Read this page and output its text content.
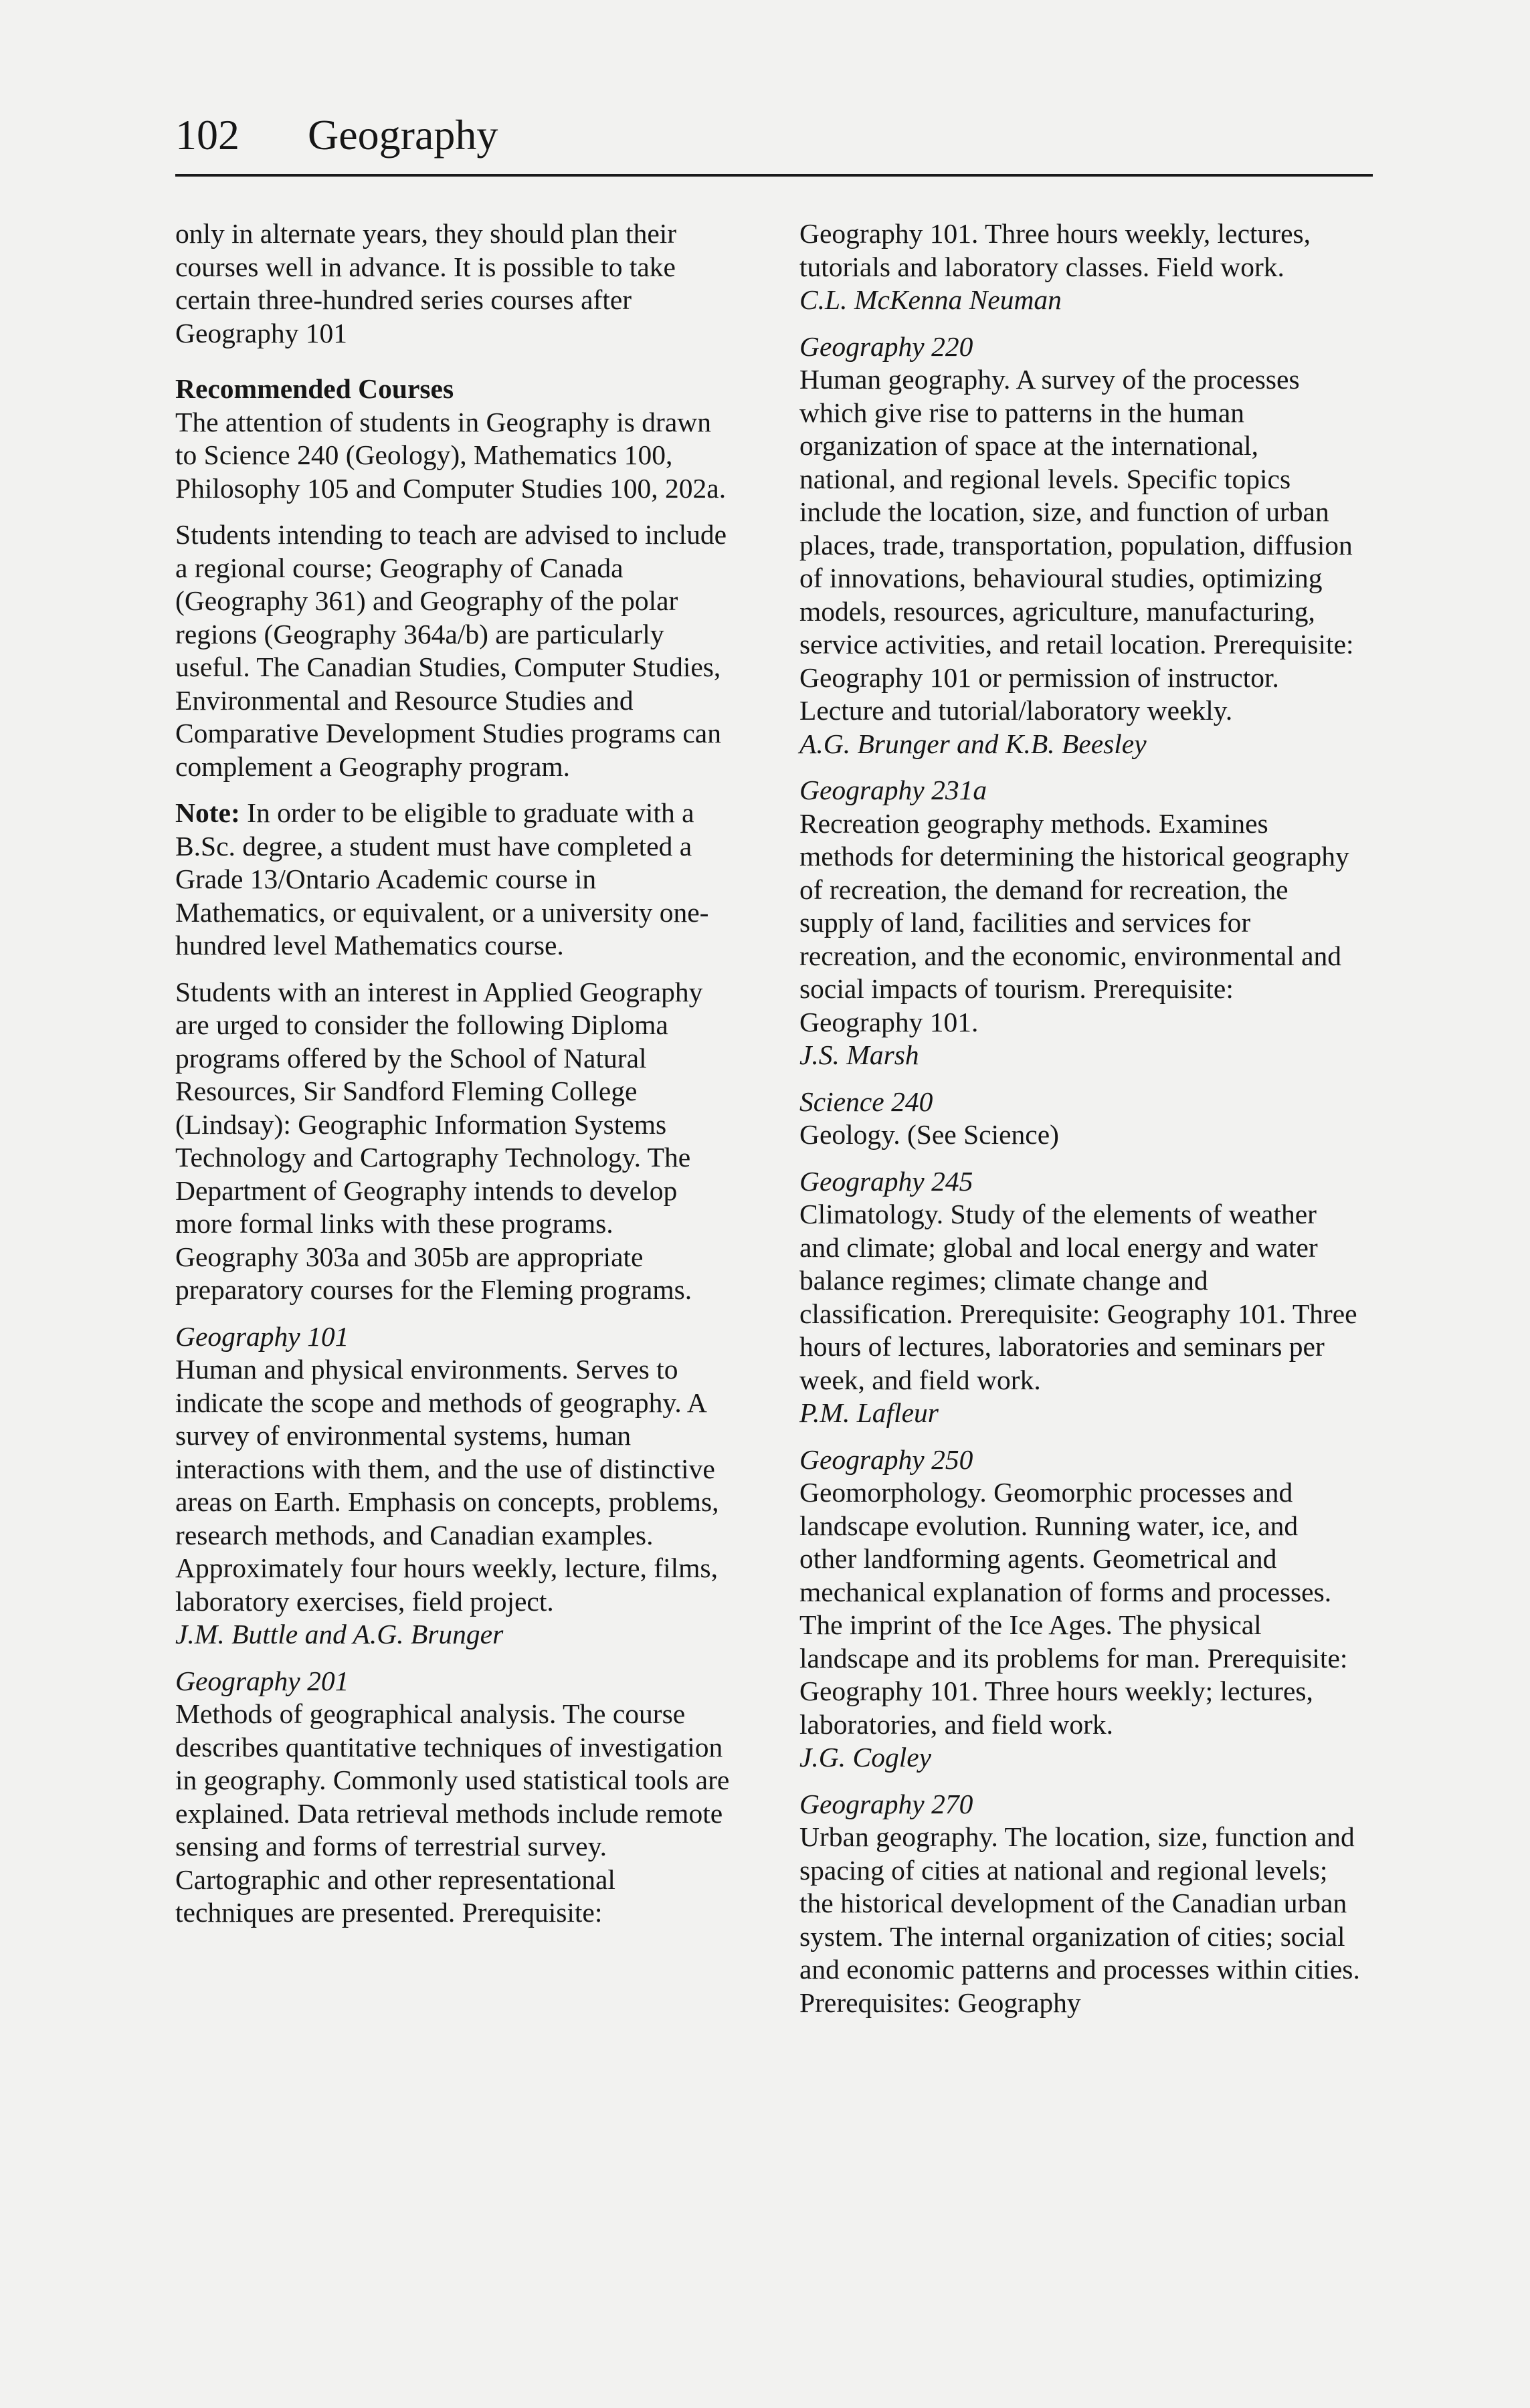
102 Geography

only in alternate years, they should plan their courses well in advance. It is possible to take certain three-hundred series courses after Geography 101

Recommended Courses

The attention of students in Geography is drawn to Science 240 (Geology), Mathematics 100, Philosophy 105 and Computer Studies 100, 202a.

Students intending to teach are advised to include a regional course; Geography of Canada (Geography 361) and Geography of the polar regions (Geography 364a/b) are particularly useful. The Canadian Studies, Computer Studies, Environmental and Resource Studies and Comparative Development Studies programs can complement a Geography program.

Note: In order to be eligible to graduate with a B.Sc. degree, a student must have completed a Grade 13/Ontario Academic course in Mathematics, or equivalent, or a university one-hundred level Mathematics course.

Students with an interest in Applied Geography are urged to consider the following Diploma programs offered by the School of Natural Resources, Sir Sandford Fleming College (Lindsay): Geographic Information Systems Technology and Cartography Technology. The Department of Geography intends to develop more formal links with these programs. Geography 303a and 305b are appropriate preparatory courses for the Fleming programs.

Geography 101

Human and physical environments. Serves to indicate the scope and methods of geography. A survey of environmental systems, human interactions with them, and the use of distinctive areas on Earth. Emphasis on concepts, problems, research methods, and Canadian examples. Approximately four hours weekly, lecture, films, laboratory exercises, field project.

J.M. Buttle and A.G. Brunger

Geography 201

Methods of geographical analysis. The course describes quantitative techniques of investigation in geography. Commonly used statistical tools are explained. Data retrieval methods include remote sensing and forms of terrestrial survey. Cartographic and other representational techniques are presented. Prerequisite:

Geography 101. Three hours weekly, lectures, tutorials and laboratory classes. Field work.

C.L. McKenna Neuman

Geography 220

Human geography. A survey of the processes which give rise to patterns in the human organization of space at the international, national, and regional levels. Specific topics include the location, size, and function of urban places, trade, transportation, population, diffusion of innovations, behavioural studies, optimizing models, resources, agriculture, manufacturing, service activities, and retail location. Prerequisite: Geography 101 or permission of instructor. Lecture and tutorial/laboratory weekly.

A.G. Brunger and K.B. Beesley

Geography 231a

Recreation geography methods. Examines methods for determining the historical geography of recreation, the demand for recreation, the supply of land, facilities and services for recreation, and the economic, environmental and social impacts of tourism. Prerequisite: Geography 101.

J.S. Marsh

Science 240

Geology. (See Science)

Geography 245

Climatology. Study of the elements of weather and climate; global and local energy and water balance regimes; climate change and classification. Prerequisite: Geography 101. Three hours of lectures, laboratories and seminars per week, and field work.

P.M. Lafleur

Geography 250

Geomorphology. Geomorphic processes and landscape evolution. Running water, ice, and other landforming agents. Geometrical and mechanical explanation of forms and processes. The imprint of the Ice Ages. The physical landscape and its problems for man. Prerequisite: Geography 101. Three hours weekly; lectures, laboratories, and field work.

J.G. Cogley

Geography 270

Urban geography. The location, size, function and spacing of cities at national and regional levels; the historical development of the Canadian urban system. The internal organization of cities; social and economic patterns and processes within cities. Prerequisites: Geography
